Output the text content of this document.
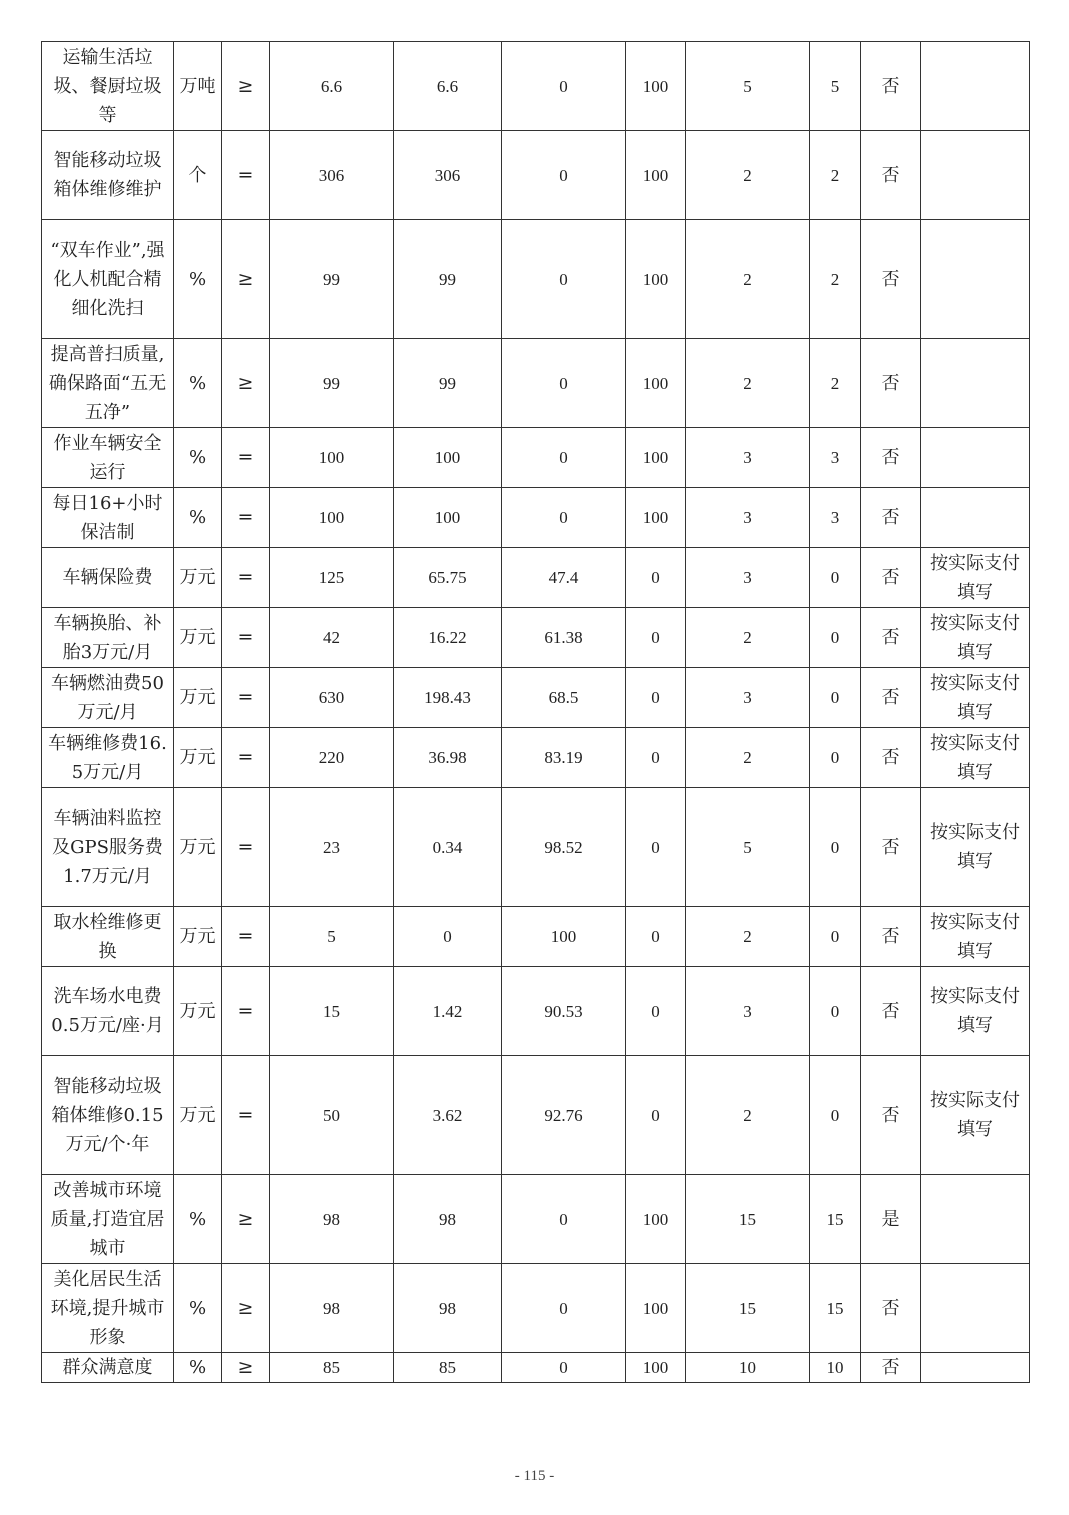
运输生活垃圾、餐厨垃圾等	万吨	≥	6.6	6.6	0	100	5	5	否	
智能移动垃圾箱体维修维护	个	=	306	306	0	100	2	2	否	
“双车作业”,强化人机配合精细化洗扫	%	≥	99	99	0	100	2	2	否	
提高普扫质量,确保路面“五无五净”	%	≥	99	99	0	100	2	2	否	
作业车辆安全运行	%	=	100	100	0	100	3	3	否	
每日16+小时保洁制	%	=	100	100	0	100	3	3	否	
车辆保险费	万元	=	125	65.75	47.4	0	3	0	否	按实际支付填写
车辆换胎、补胎3万元/月	万元	=	42	16.22	61.38	0	2	0	否	按实际支付填写
车辆燃油费50万元/月	万元	=	630	198.43	68.5	0	3	0	否	按实际支付填写
车辆维修费16.5万元/月	万元	=	220	36.98	83.19	0	2	0	否	按实际支付填写
车辆油料监控及GPS服务费1.7万元/月	万元	=	23	0.34	98.52	0	5	0	否	按实际支付填写
取水栓维修更换	万元	=	5	0	100	0	2	0	否	按实际支付填写
洗车场水电费0.5万元/座·月	万元	=	15	1.42	90.53	0	3	0	否	按实际支付填写
智能移动垃圾箱体维修0.15万元/个·年	万元	=	50	3.62	92.76	0	2	0	否	按实际支付填写
改善城市环境质量,打造宜居城市	%	≥	98	98	0	100	15	15	是	
美化居民生活环境,提升城市形象	%	≥	98	98	0	100	15	15	否	
群众满意度	%	≥	85	85	0	100	10	10	否	
- 115 -
